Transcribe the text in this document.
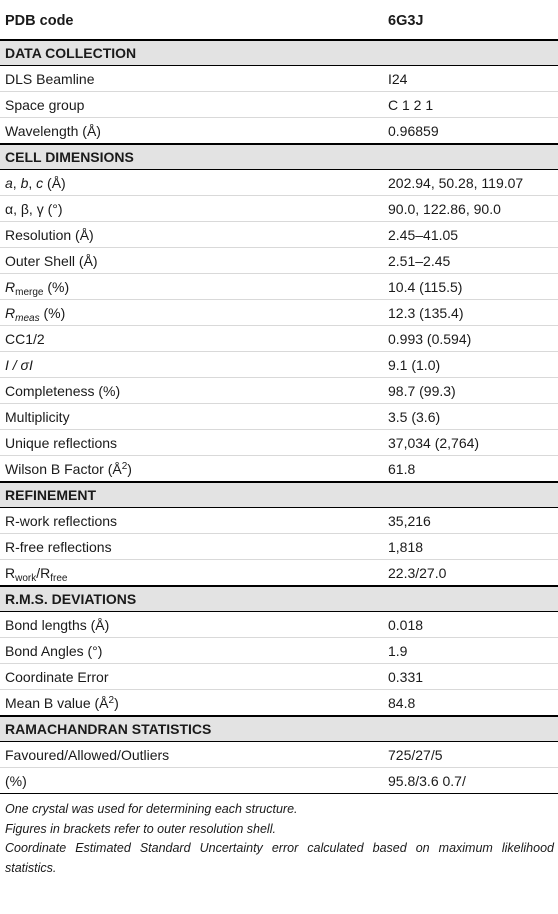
PDB code	6G3J
DATA COLLECTION
DLS Beamline	I24
Space group	C 1 2 1
Wavelength (Å)	0.96859
CELL DIMENSIONS
a, b, c (Å)	202.94, 50.28, 119.07
α, β, γ (°)	90.0, 122.86, 90.0
Resolution (Å)	2.45–41.05
Outer Shell (Å)	2.51–2.45
$R_{merge}$ (%)	10.4 (115.5)
$R_{meas}$ (%)	12.3 (135.4)
CC1/2	0.993 (0.594)
I / σI	9.1 (1.0)
Completeness (%)	98.7 (99.3)
Multiplicity	3.5 (3.6)
Unique reflections	37,034 (2,764)
Wilson B Factor $(Å^2)$	61.8
REFINEMENT
R-work reflections	35,216
R-free reflections	1,818
$R_{work}/R_{free}$	22.3/27.0
R.M.S. DEVIATIONS
Bond lengths (Å)	0.018
Bond Angles (°)	1.9
Coordinate Error	0.331
Mean B value $(Å^2)$	84.8
RAMACHANDRAN STATISTICS
Favoured/Allowed/Outliers	725/27/5
(%)	95.8/3.6 0.7/
One crystal was used for determining each structure.
Figures in brackets refer to outer resolution shell.
Coordinate Estimated Standard Uncertainty error calculated based on maximum likelihood statistics.
